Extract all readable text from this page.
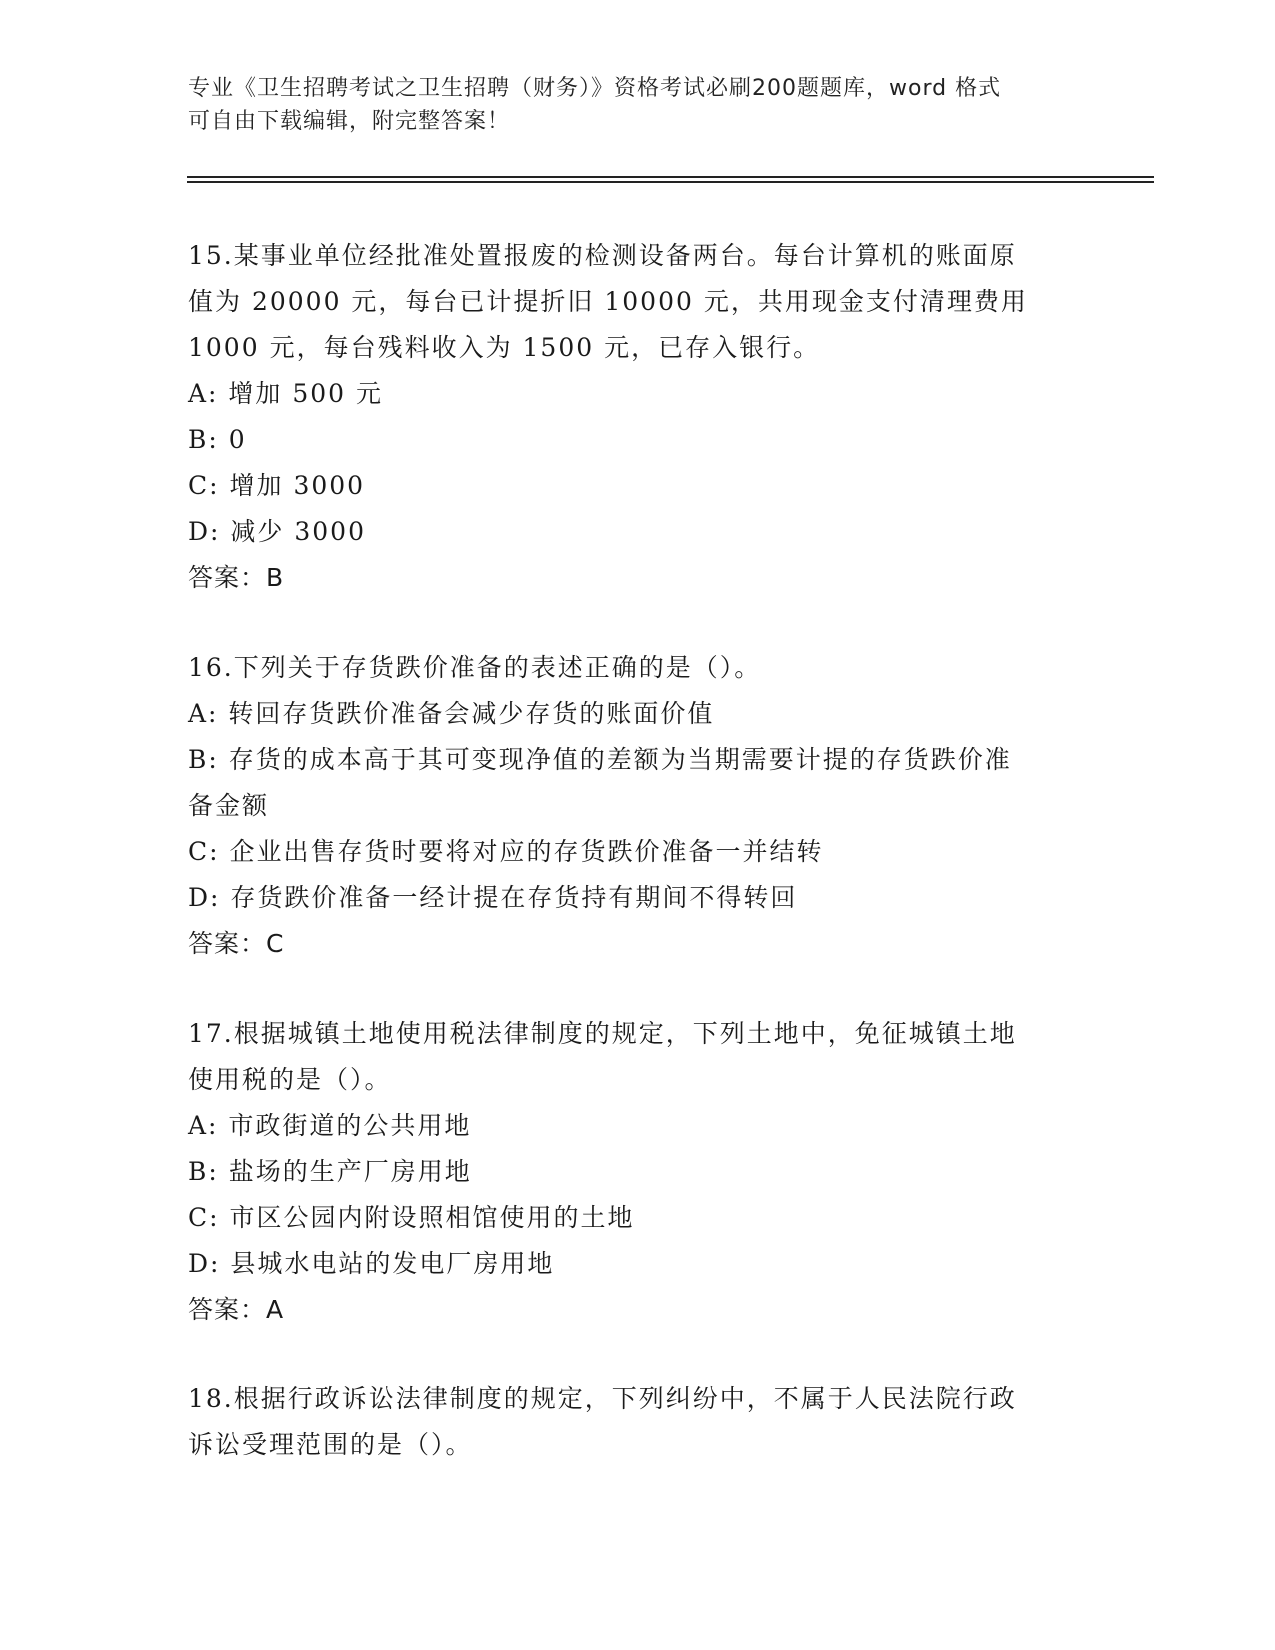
专业《卫生招聘考试之卫生招聘（财务）》资格考试必刷200题题库，word 格式
可自由下载编辑，附完整答案！
15.某事业单位经批准处置报废的检测设备两台。每台计算机的账面原
值为 20000 元，每台已计提折旧 10000 元，共用现金支付清理费用
1000 元，每台残料收入为 1500 元，已存入银行。
A: 增加 500 元
B: 0
C: 增加 3000
D: 减少 3000
答案：B
16.下列关于存货跌价准备的表述正确的是（）。
A: 转回存货跌价准备会减少存货的账面价值
B: 存货的成本高于其可变现净值的差额为当期需要计提的存货跌价准
备金额
C: 企业出售存货时要将对应的存货跌价准备一并结转
D: 存货跌价准备一经计提在存货持有期间不得转回
答案：C
17.根据城镇土地使用税法律制度的规定，下列土地中，免征城镇土地
使用税的是（）。
A: 市政街道的公共用地
B: 盐场的生产厂房用地
C: 市区公园内附设照相馆使用的土地
D: 县城水电站的发电厂房用地
答案：A
18.根据行政诉讼法律制度的规定，下列纠纷中，不属于人民法院行政
诉讼受理范围的是（）。
